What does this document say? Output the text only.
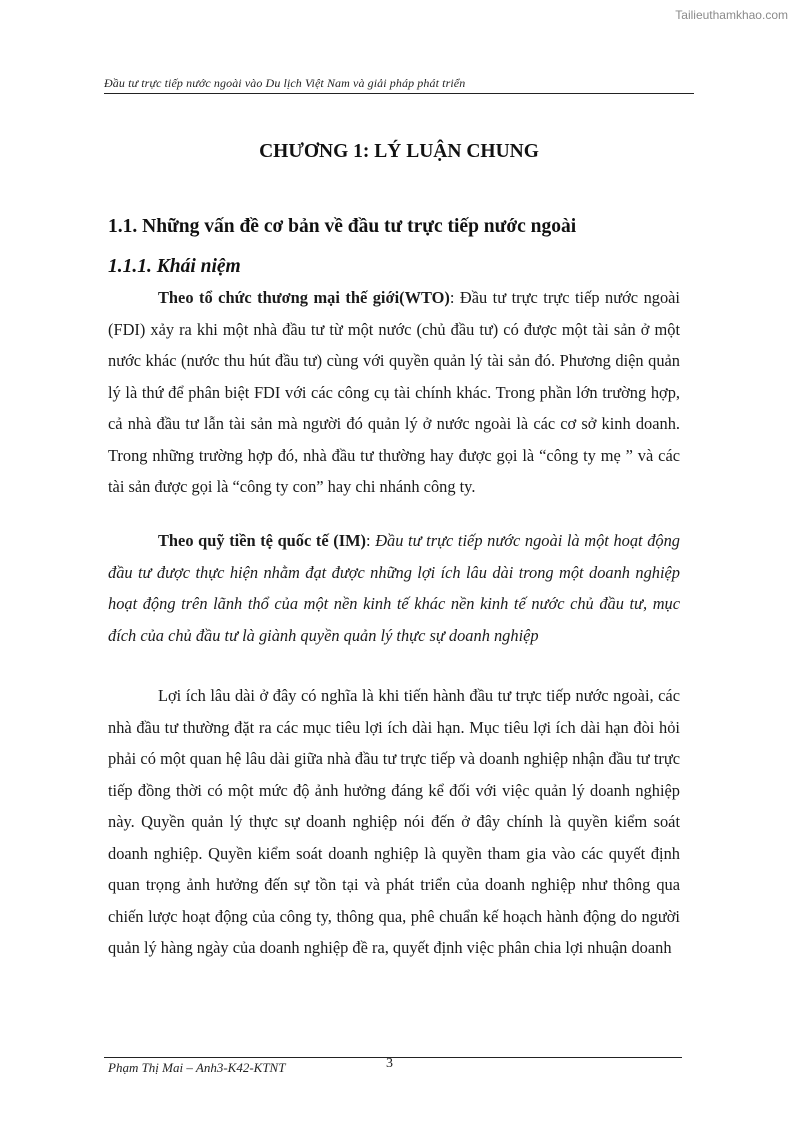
Tailieuthamkhao.com
Đầu tư trực tiếp nước ngoài vào Du lịch Việt Nam và giải pháp phát triển
CHƯƠNG 1: LÝ LUẬN CHUNG
1.1. Những vấn đề cơ bản về đầu tư trực tiếp nước ngoài
1.1.1. Khái niệm

Theo tổ chức thương mại thế giới(WTO): Đầu tư trực trực tiếp nước ngoài (FDI) xảy ra khi một nhà đầu tư từ một nước (chủ đầu tư) có được một tài sản ở một nước khác (nước thu hút đầu tư) cùng với quyền quản lý tài sản đó. Phương diện quản lý là thứ để phân biệt FDI với các công cụ tài chính khác. Trong phần lớn trường hợp, cả nhà đầu tư lẫn tài sản mà người đó quản lý ở nước ngoài là các cơ sở kinh doanh. Trong những trường hợp đó, nhà đầu tư thường hay được gọi là “công ty mẹ ” và các tài sản được gọi là “công ty con” hay chi nhánh công ty.

Theo quỹ tiền tệ quốc tế (IM): Đầu tư trực tiếp nước ngoài là một hoạt động đầu tư được thực hiện nhằm đạt được những lợi ích lâu dài trong một doanh nghiệp hoạt động trên lãnh thổ của một nền kinh tế khác nền kinh tế nước chủ đầu tư, mục đích của chủ đầu tư là giành quyền quản lý thực sự doanh nghiệp

Lợi ích lâu dài ở đây có nghĩa là khi tiến hành đầu tư trực tiếp nước ngoài, các nhà đầu tư thường đặt ra các mục tiêu lợi ích dài hạn. Mục tiêu lợi ích dài hạn đòi hỏi phải có một quan hệ lâu dài giữa nhà đầu tư trực tiếp và doanh nghiệp nhận đầu tư trực tiếp đồng thời có một mức độ ảnh hưởng đáng kể đối với việc quản lý doanh nghiệp này. Quyền quản lý thực sự doanh nghiệp nói đến ở đây chính là quyền kiểm soát doanh nghiệp. Quyền kiểm soát doanh nghiệp là quyền tham gia vào các quyết định quan trọng ảnh hưởng đến sự tồn tại và phát triển của doanh nghiệp như thông qua chiến lược hoạt động của công ty, thông qua, phê chuẩn kế hoạch hành động do người quản lý hàng ngày của doanh nghiệp đề ra, quyết định việc phân chia lợi nhuận doanh

Phạm Thị Mai – Anh3-K42-KTNT	3
